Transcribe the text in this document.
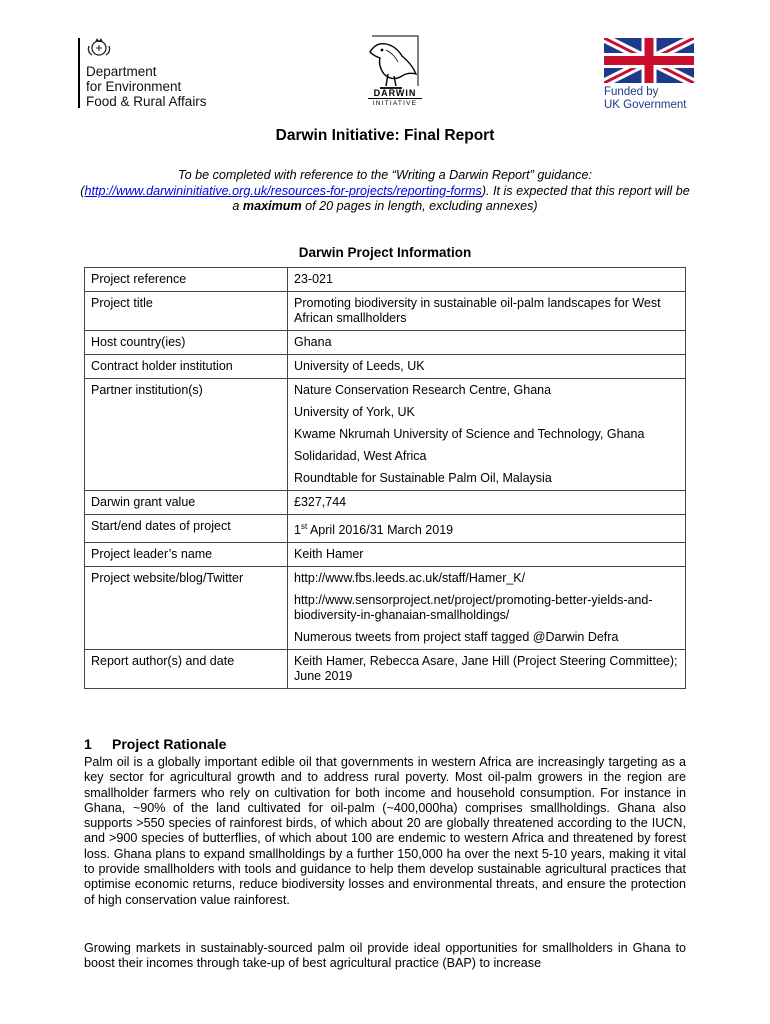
Department
for Environment
Food & Rural Affairs
DARWIN
INITIATIVE
Funded by
UK Government
Darwin Initiative: Final Report
To be completed with reference to the “Writing a Darwin Report” guidance:
(http://www.darwininitiative.org.uk/resources-for-projects/reporting-forms). It is expected that this report will be a maximum of 20 pages in length, excluding annexes)
Darwin Project Information
Project reference	23-021
Project title	Promoting biodiversity in sustainable oil-palm landscapes for West African smallholders
Host country(ies)	Ghana
Contract holder institution	University of Leeds, UK
Partner institution(s)	Nature Conservation Research Centre, Ghana
University of York, UK
Kwame Nkrumah University of Science and Technology, Ghana
Solidaridad, West Africa
Roundtable for Sustainable Palm Oil, Malaysia

Darwin grant value	£327,744
Start/end dates of project	1st April 2016/31 March 2019
Project leader’s name	Keith Hamer
Project website/blog/Twitter	http://www.fbs.leeds.ac.uk/staff/Hamer_K/
http://www.sensorproject.net/project/promoting-better-yields-and-biodiversity-in-ghanaian-smallholdings/
Numerous tweets from project staff tagged @Darwin Defra

Report author(s) and date	Keith Hamer, Rebecca Asare, Jane Hill (Project Steering Committee); June 2019
1 Project Rationale
Palm oil is a globally important edible oil that governments in western Africa are increasingly targeting as a key sector for agricultural growth and to address rural poverty. Most oil-palm growers in the region are smallholder farmers who rely on cultivation for both income and household consumption. For instance in Ghana, ~90% of the land cultivated for oil-palm (~400,000ha) comprises smallholdings. Ghana also supports >550 species of rainforest birds, of which about 20 are globally threatened according to the IUCN, and >900 species of butterflies, of which about 100 are endemic to western Africa and threatened by forest loss. Ghana plans to expand smallholdings by a further 150,000 ha over the next 5-10 years, making it vital to provide smallholders with tools and guidance to help them develop sustainable agricultural practices that optimise economic returns, reduce biodiversity losses and environmental threats, and ensure the protection of high conservation value rainforest.
Growing markets in sustainably-sourced palm oil provide ideal opportunities for smallholders in Ghana to boost their incomes through take-up of best agricultural practice (BAP) to increase
